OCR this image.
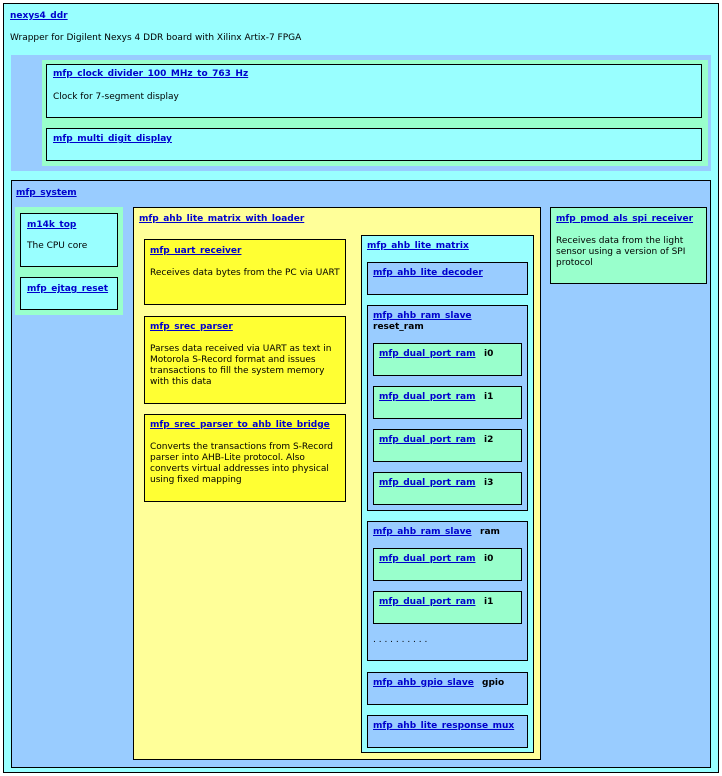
nexys4_ddr
Wrapper for Digilent Nexys 4 DDR board with Xilinx Artix-7 FPGA
mfp_clock_divider_100_MHz_to_763_Hz
Clock for 7-segment display
mfp_multi_digit_display
mfp_system
m14k_top
The CPU core
mfp_ejtag_reset
mfp_ahb_lite_matrix_with_loader
mfp_uart_receiver
Receives data bytes from the PC via UART
mfp_srec_parser
Parses data received via UART as text in Motorola S-Record format and issues transactions to fill the system memory with this data
mfp_srec_parser_to_ahb_lite_bridge
Converts the transactions from S-Record parser into AHB-Lite protocol. Also converts virtual addresses into physical using fixed mapping
mfp_ahb_lite_matrix
mfp_ahb_lite_decoder
mfp_ahb_ram_slave
reset_ram
mfp_dual_port_ram i0
mfp_dual_port_ram i1
mfp_dual_port_ram i2
mfp_dual_port_ram i3
mfp_ahb_ram_slave ram
mfp_dual_port_ram i0
mfp_dual_port_ram i1
. . . . . . . . . .
mfp_ahb_gpio_slave gpio
mfp_ahb_lite_response_mux
mfp_pmod_als_spi_receiver
Receives data from the light sensor using a version of SPI protocol
